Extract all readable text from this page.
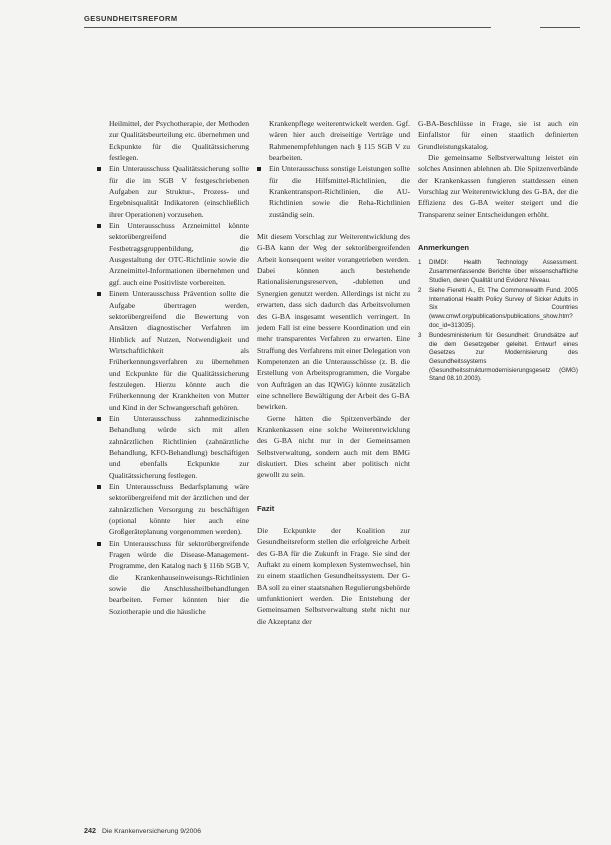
GESUNDHEITSREFORM

Heilmittel, der Psychotherapie, der Methoden zur Qualitätsbeurteilung etc. übernehmen und Eckpunkte für die Qualitätssicherung festlegen.

Ein Unterausschuss Qualitätssicherung sollte für die im SGB V festgeschriebenen Aufgaben zur Struktur-, Prozess- und Ergebnisqualität Indikatoren (einschließlich ihrer Operationen) vorzusehen.
Ein Unterausschuss Arzneimittel könnte sektorübergreifend die Festbetragsgruppenbildung, die Ausgestaltung der OTC-Richtlinie sowie die Arzneimittel-Informationen übernehmen und ggf. auch eine Positivliste vorbereiten.
Einem Unterausschuss Prävention sollte die Aufgabe übertragen werden, sektorübergreifend die Bewertung von Ansätzen diagnostischer Verfahren im Hinblick auf Nutzen, Notwendigkeit und Wirtschaftlichkeit als Früherkennungsverfahren zu übernehmen und Eckpunkte für die Qualitätssicherung festzulegen. Hierzu könnte auch die Früherkennung der Krankheiten von Mutter und Kind in der Schwangerschaft gehören.
Ein Unterausschuss zahnmedizinische Behandlung würde sich mit allen zahnärztlichen Richtlinien (zahnärztliche Behandlung, KFO-Behandlung) beschäftigen und ebenfalls Eckpunkte zur Qualitätssicherung festlegen.
Ein Unterausschuss Bedarfsplanung wäre sektorübergreifend mit der ärztlichen und der zahnärztlichen Versorgung zu beschäftigen (optional könnte hier auch eine Großgeräteplanung vorgenommen werden).
Ein Unterausschuss für sektorübergreifende Fragen würde die Disease-Management-Programme, den Katalog nach § 116b SGB V, die Krankenhauseinweisungs-Richtlinien sowie die Anschlussheilbehandlungen bearbeiten. Ferner könnten hier die Soziotherapie und die häusliche

Krankenpflege weiterentwickelt werden. Ggf. wären hier auch dreiseitige Verträge und Rahmenempfehlungen nach § 115 SGB V zu bearbeiten.

Ein Unterausschuss sonstige Leistungen sollte für die Hilfsmittel-Richtlinien, die Krankentransport-Richtlinien, die AU-Richtlinien sowie die Reha-Richtlinien zuständig sein.

Mit diesem Vorschlag zur Weiterentwicklung des G-BA kann der Weg der sektorübergreifenden Arbeit konsequent weiter vorangetrieben werden. Dabei können auch bestehende Rationalisierungsreserven, -dubletten und Synergien genutzt werden. Allerdings ist nicht zu erwarten, dass sich dadurch das Arbeitsvolumen des G-BA insgesamt wesentlich verringert. In jedem Fall ist eine bessere Koordination und ein mehr transparentes Verfahren zu erwarten. Eine Straffung des Verfahrens mit einer Delegation von Kompetenzen an die Unterausschüsse (z. B. die Erstellung von Arbeitsprogrammen, die Vorgabe von Aufträgen an das IQWiG) könnte zusätzlich eine schnellere Bewältigung der Arbeit des G-BA bewirken.

Gerne hätten die Spitzenverbände der Krankenkassen eine solche Weiterentwicklung des G-BA nicht nur in der Gemeinsamen Selbstverwaltung, sondern auch mit dem BMG diskutiert. Dies scheint aber politisch nicht gewollt zu sein.

Fazit

Die Eckpunkte der Koalition zur Gesundheitsreform stellen die erfolgreiche Arbeit des G-BA für die Zukunft in Frage. Sie sind der Auftakt zu einem komplexen Systemwechsel, hin zu einem staatlichen Gesundheitssystem. Der G-BA soll zu einer staatsnahen Regulierungsbehörde umfunktioniert werden. Die Entstehung der Gemeinsamen Selbstverwaltung steht nicht nur die Akzeptanz der

G-BA-Beschlüsse in Frage, sie ist auch ein Einfallstor für einen staatlich definierten Grundleistungskatalog.

Die gemeinsame Selbstverwaltung leistet ein solches Ansinnen ablehnen ab. Die Spitzenverbände der Krankenkassen fungieren stattdessen einen Vorschlag zur Weiterentwicklung des G-BA, der die Effizienz des G-BA weiter steigert und die Transparenz seiner Entscheidungen erhöht.

Anmerkungen

1 DIMDI: Health Technology Assessment. Zusammenfassende Berichte über wissenschaftliche Studien, deren Qualität und Evidenz Niveau.
2 Siehe Fieretti A., Et. The Commonwealth Fund. 2005 International Health Policy Survey of Sicker Adults in Six Countries (www.cmwf.org/publications/publications_show.htm?doc_id=313035).
3 Bundesministerium für Gesundheit: Grundsätze auf die dem Gesetzgeber geleitet. Entwurf eines Gesetzes zur Modernisierung des Gesundheitssystems (Gesundheitsstrukturmodernisierungsgesetz (GMG) Stand 08.10.2003).
242 Die Krankenversicherung 9/2006
